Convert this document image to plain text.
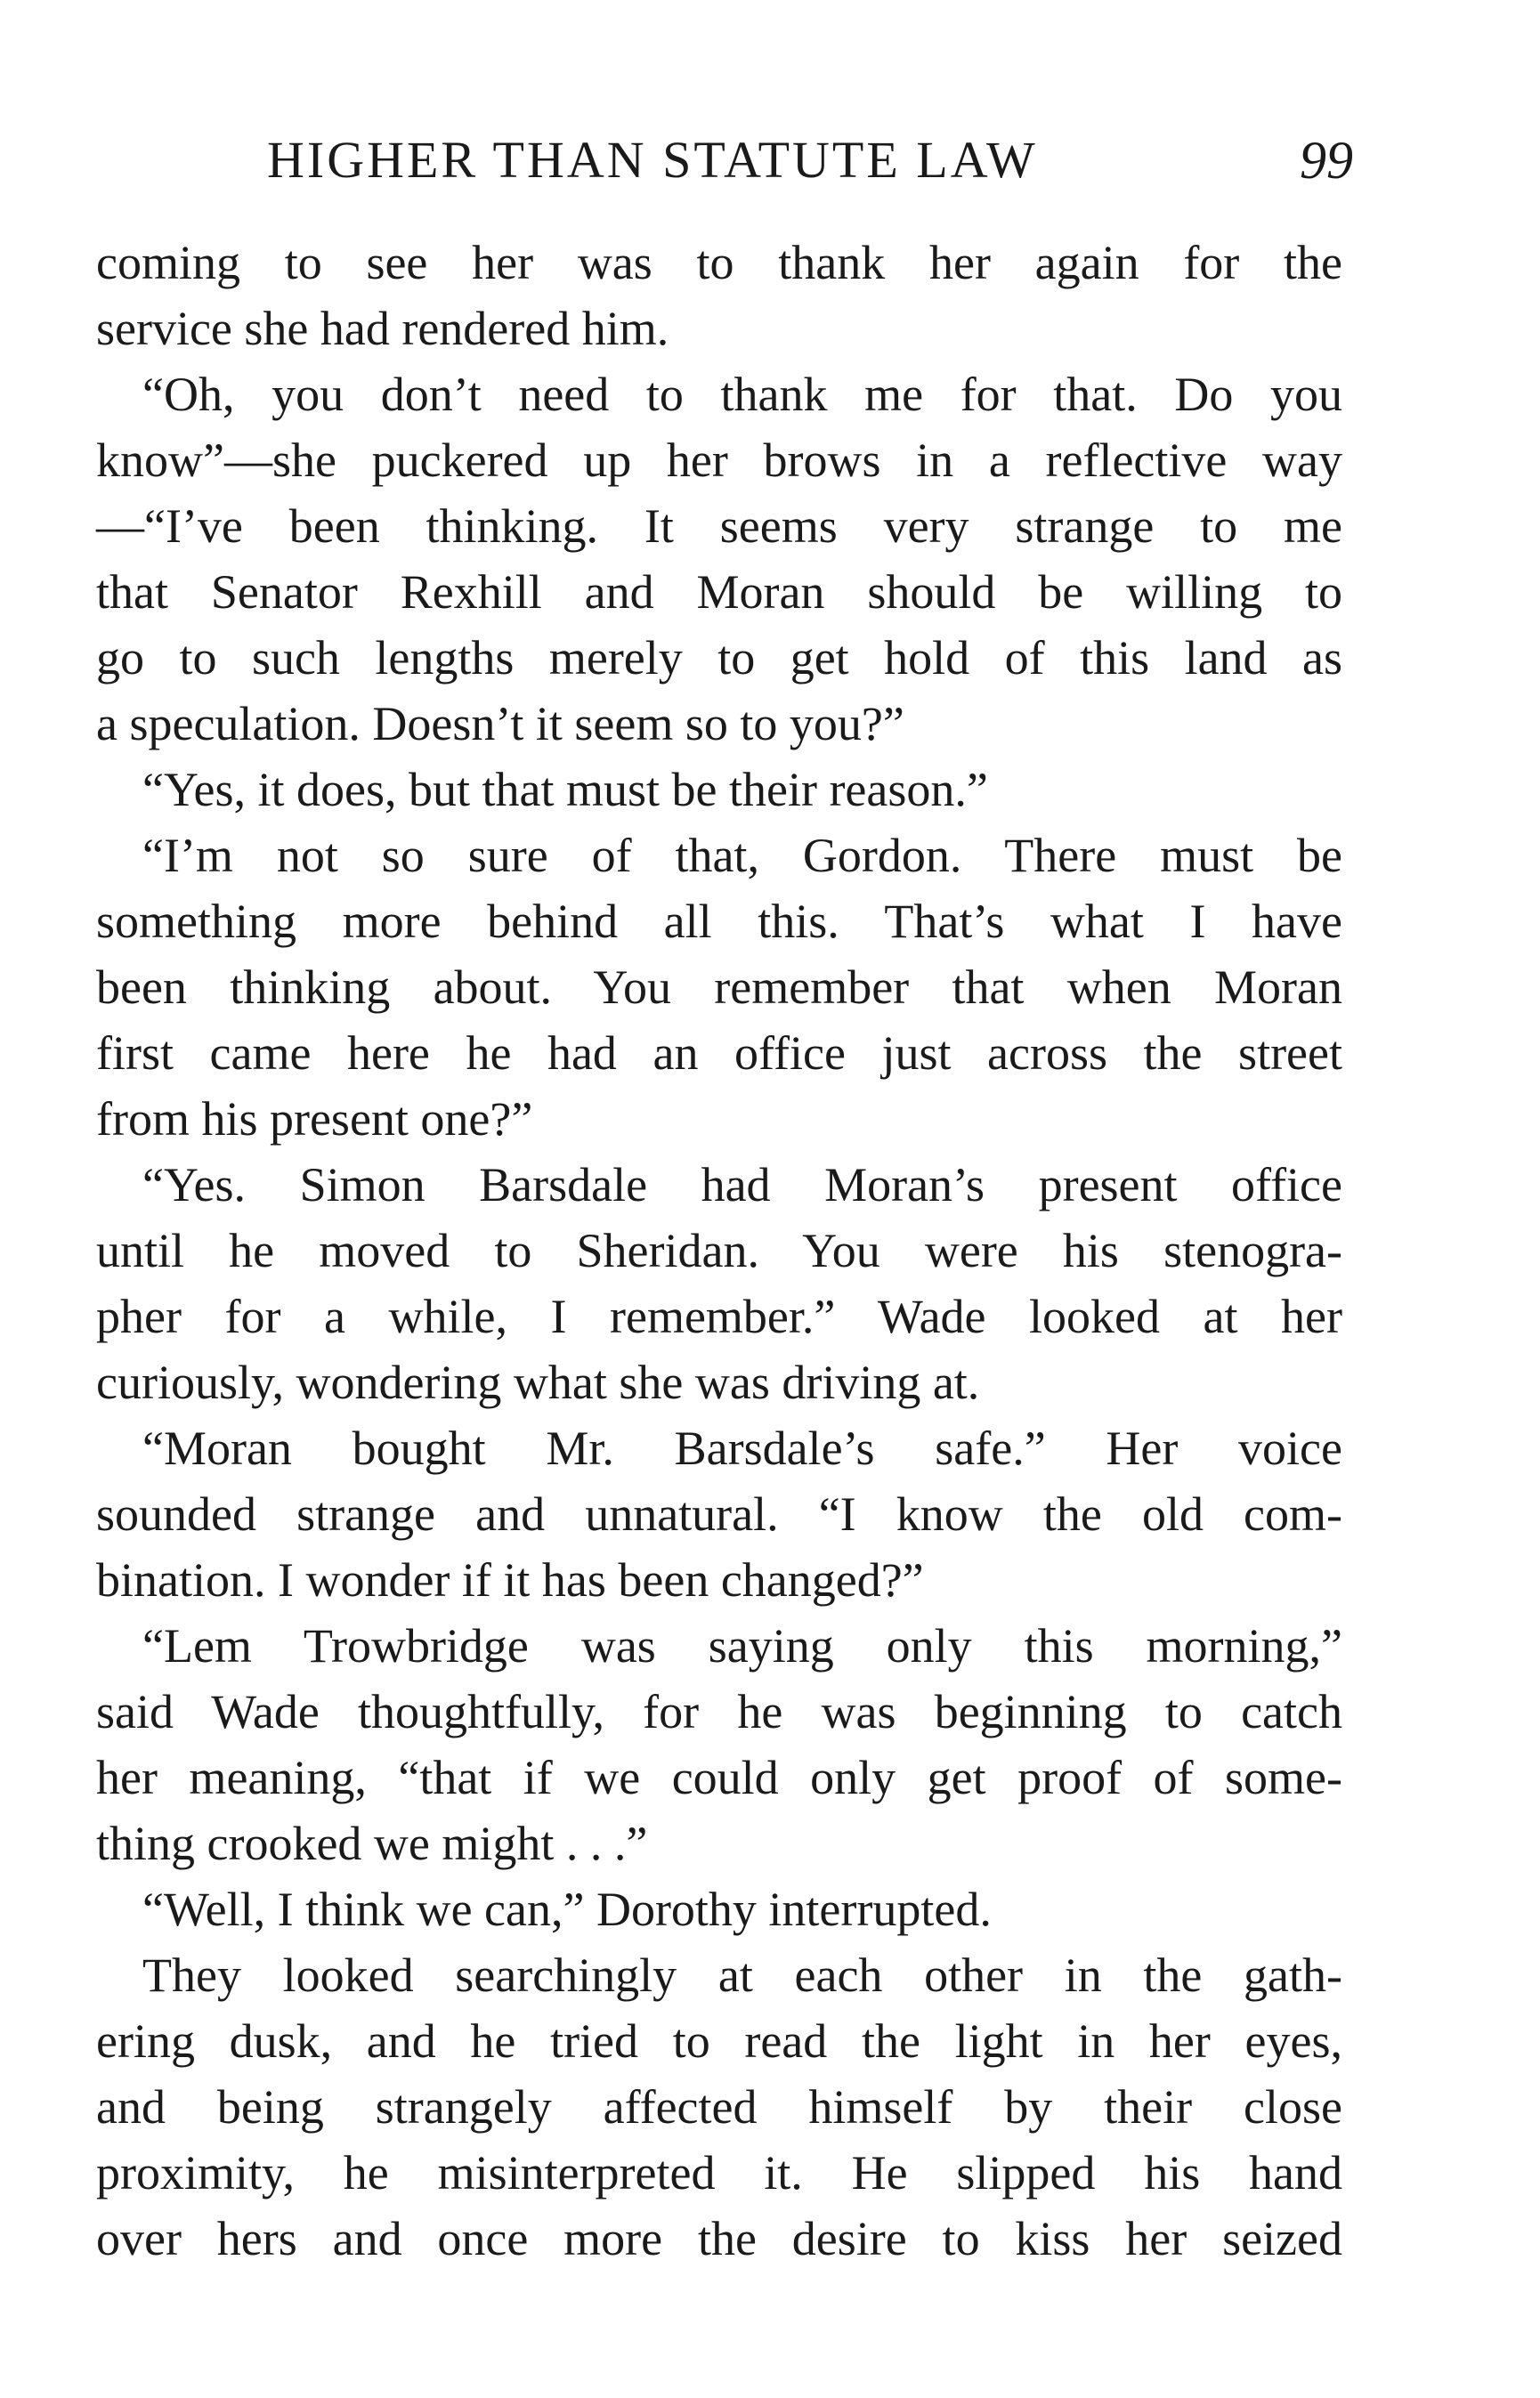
HIGHER THAN STATUTE LAW	99
coming to see her was to thank her again for the
service she had rendered him.
“Oh, you don’t need to thank me for that. Do you
know”—she puckered up her brows in a reflective way
—“I’ve been thinking. It seems very strange to me
that Senator Rexhill and Moran should be willing to
go to such lengths merely to get hold of this land as
a speculation. Doesn’t it seem so to you?”
“Yes, it does, but that must be their reason.”
“I’m not so sure of that, Gordon. There must be
something more behind all this. That’s what I have
been thinking about. You remember that when Moran
first came here he had an office just across the street
from his present one?”
“Yes. Simon Barsdale had Moran’s present office
until he moved to Sheridan. You were his stenogra-
pher for a while, I remember.” Wade looked at her
curiously, wondering what she was driving at.
“Moran bought Mr. Barsdale’s safe.” Her voice
sounded strange and unnatural. “I know the old com-
bination. I wonder if it has been changed?”
“Lem Trowbridge was saying only this morning,”
said Wade thoughtfully, for he was beginning to catch
her meaning, “that if we could only get proof of some-
thing crooked we might . . .”
“Well, I think we can,” Dorothy interrupted.
They looked searchingly at each other in the gath-
ering dusk, and he tried to read the light in her eyes,
and being strangely affected himself by their close
proximity, he misinterpreted it. He slipped his hand
over hers and once more the desire to kiss her seized
